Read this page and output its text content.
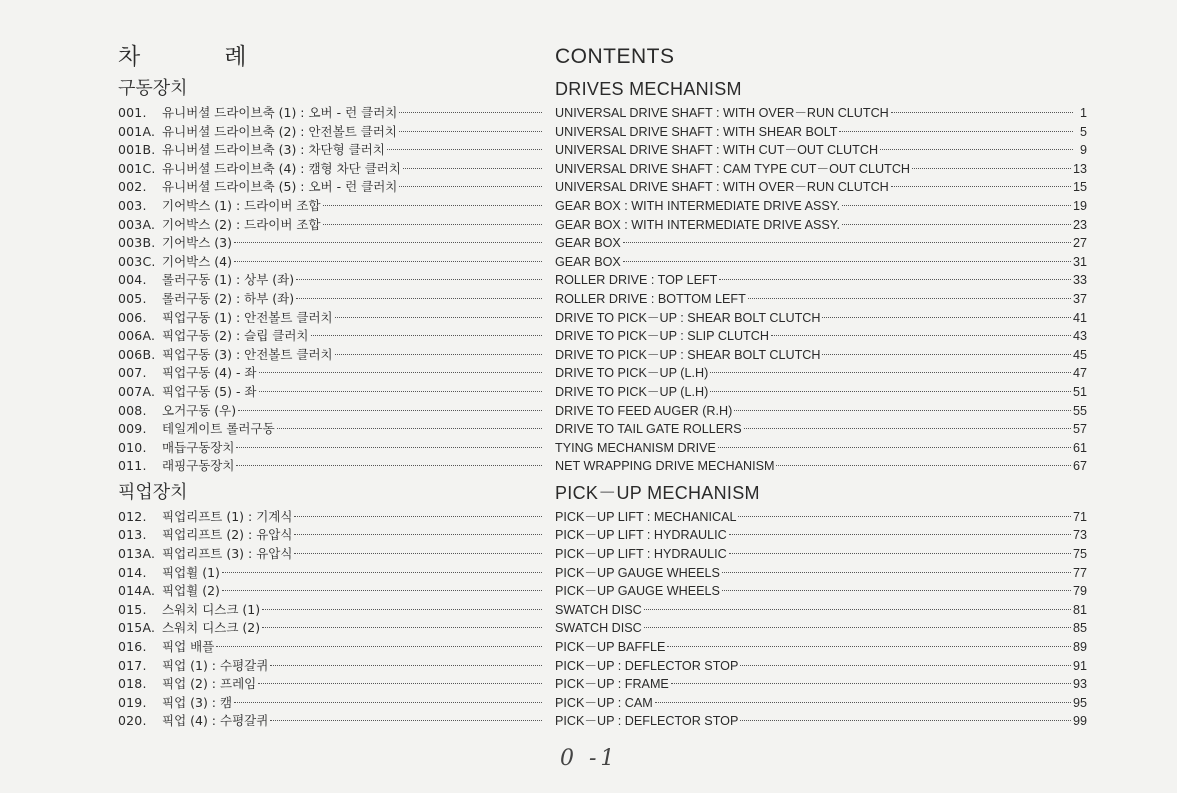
차	례
구동장치
001.	유니버셜 드라이브축 (1) : 오버 - 런 클러치
001A. 유니버셜 드라이브축 (2) : 안전볼트 클러치
001B. 유니버셜 드라이브축 (3) : 차단형 클러치
001C. 유니버셜 드라이브축 (4) : 캠형 차단 클러치
002.	유니버셜 드라이브축 (5) : 오버 - 런 클러치
003.	기어박스 (1) : 드라이버 조합
003A. 기어박스 (2) : 드라이버 조합
003B. 기어박스 (3)
003C. 기어박스 (4)
004.	롤러구동 (1) : 상부 (좌)
005.	롤러구동 (2) : 하부 (좌)
006.	픽업구동 (1) : 안전볼트 클러치
006A. 픽업구동 (2) : 슬립 클러치
006B. 픽업구동 (3) : 안전볼트 클러치
007.	픽업구동 (4) - 좌
007A. 픽업구동 (5) - 좌
008.	오거구동 (우)
009.	테일게이트 롤러구동
010.	매듭구동장치
011.	래핑구동장치
픽업장치
012.	픽업리프트 (1) : 기계식
013.	픽업리프트 (2) : 유압식
013A. 픽업리프트 (3) : 유압식
014.	픽업휠 (1)
014A. 픽업휠 (2)
015.	스워치 디스크 (1)
015A. 스워치 디스크 (2)
016.	픽업 배플
017.	픽업 (1) : 수평갈퀴
018.	픽업 (2) : 프레임
019.	픽업 (3) : 캠
020.	픽업 (4) : 수평갈퀴
CONTENTS
DRIVES MECHANISM
UNIVERSAL DRIVE SHAFT : WITH OVER－RUN CLUTCH	1
UNIVERSAL DRIVE SHAFT : WITH SHEAR BOLT	5
UNIVERSAL DRIVE SHAFT : WITH CUT－OUT CLUTCH	9
UNIVERSAL DRIVE SHAFT : CAM TYPE CUT－OUT CLUTCH	13
UNIVERSAL DRIVE SHAFT : WITH OVER－RUN CLUTCH	15
GEAR BOX : WITH INTERMEDIATE DRIVE ASSY.	19
GEAR BOX : WITH INTERMEDIATE DRIVE ASSY.	23
GEAR BOX	27
GEAR BOX	31
ROLLER DRIVE : TOP LEFT	33
ROLLER DRIVE : BOTTOM LEFT	37
DRIVE TO PICK－UP : SHEAR BOLT CLUTCH	41
DRIVE TO PICK－UP : SLIP CLUTCH	43
DRIVE TO PICK－UP : SHEAR BOLT CLUTCH	45
DRIVE TO PICK－UP (L.H)	47
DRIVE TO PICK－UP (L.H)	51
DRIVE TO FEED AUGER (R.H)	55
DRIVE TO TAIL GATE ROLLERS	57
TYING MECHANISM DRIVE	61
NET WRAPPING DRIVE MECHANISM	67
PICK－UP MECHANISM
PICK－UP LIFT : MECHANICAL	71
PICK－UP LIFT : HYDRAULIC	73
PICK－UP LIFT : HYDRAULIC	75
PICK－UP GAUGE WHEELS	77
PICK－UP GAUGE WHEELS	79
SWATCH DISC	81
SWATCH DISC	85
PICK－UP BAFFLE	89
PICK－UP : DEFLECTOR STOP	91
PICK－UP : FRAME	93
PICK－UP : CAM	95
PICK－UP : DEFLECTOR STOP	99
0 -1
